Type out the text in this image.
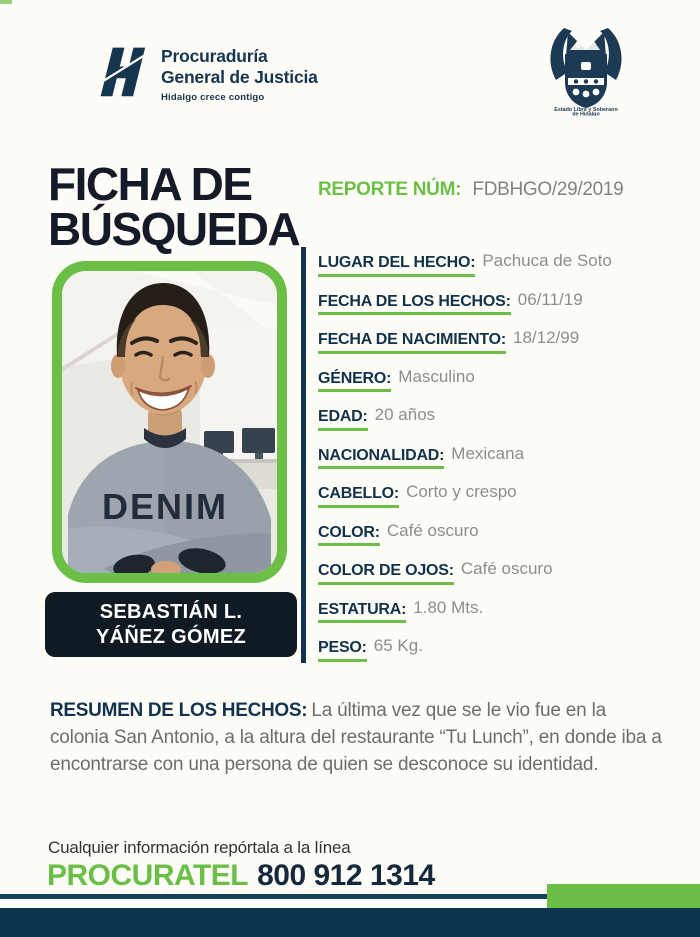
Procuraduría
General de Justicia
Hidalgo crece contigo
Estado Libre y Soberano
de Hidalgo
FICHA DE
BÚSQUEDA
REPORTE NÚM: FDBHGO/29/2019
DENIM
SEBASTIÁN L.
YÁÑEZ GÓMEZ
LUGAR DEL HECHO: Pachuca de Soto
FECHA DE LOS HECHOS: 06/11/19
FECHA DE NACIMIENTO: 18/12/99
GÉNERO: Masculino
EDAD: 20 años
NACIONALIDAD: Mexicana
CABELLO: Corto y crespo
COLOR: Café oscuro
COLOR DE OJOS: Café oscuro
ESTATURA: 1.80 Mts.
PESO: 65 Kg.
RESUMEN DE LOS HECHOS: La última vez que se le vio fue en la colonia San Antonio, a la altura del restaurante “Tu Lunch”, en donde iba a encontrarse con una persona de quien se desconoce su identidad.
Cualquier información repórtala a la línea
PROCURATEL 800 912 1314
